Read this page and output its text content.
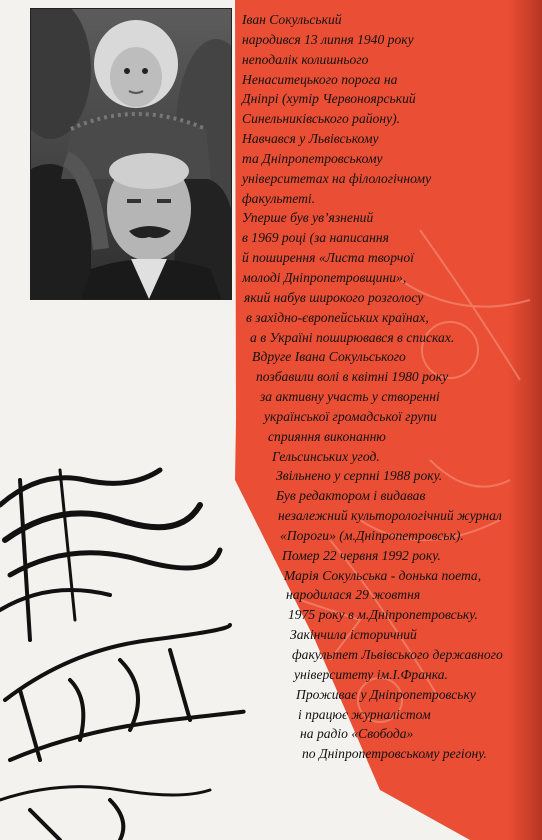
Іван Сокульський
народився 13 липня 1940 року
неподалік колишнього
Ненаситецького порога на
Дніпрі (хутір Червоноярський
Синельниківського району).
Навчався у Львівському
та Дніпропетровському
університетах на філологічному
факультеті.
Уперше був ув’язнений
в 1969 році (за написання
й поширення «Листа творчої
молоді Дніпропетровщини»,
який набув широкого розголосу
в західно-європейських країнах,
а в Україні поширювався в списках.
Вдруге Івана Сокульського
позбавили волі в квітні 1980 року
за активну участь у створенні
української громадської групи
сприяння виконанню
Гельсинських угод.
Звільнено у серпні 1988 року.
Був редактором і видавав
незалежний культорологічний журнал
«Пороги» (м.Дніпропетровськ).
Помер 22 червня 1992 року.
Марія Сокульська - донька поета,
народилася 29 жовтня
1975 року в м.Дніпропетровську.
Закінчила історичний
факультет Львівського державного
університету ім.І.Франка.
Проживає у Дніпропетровську
і працює журналістом
на радіо «Свобода»
по Дніпропетровському регіону.
